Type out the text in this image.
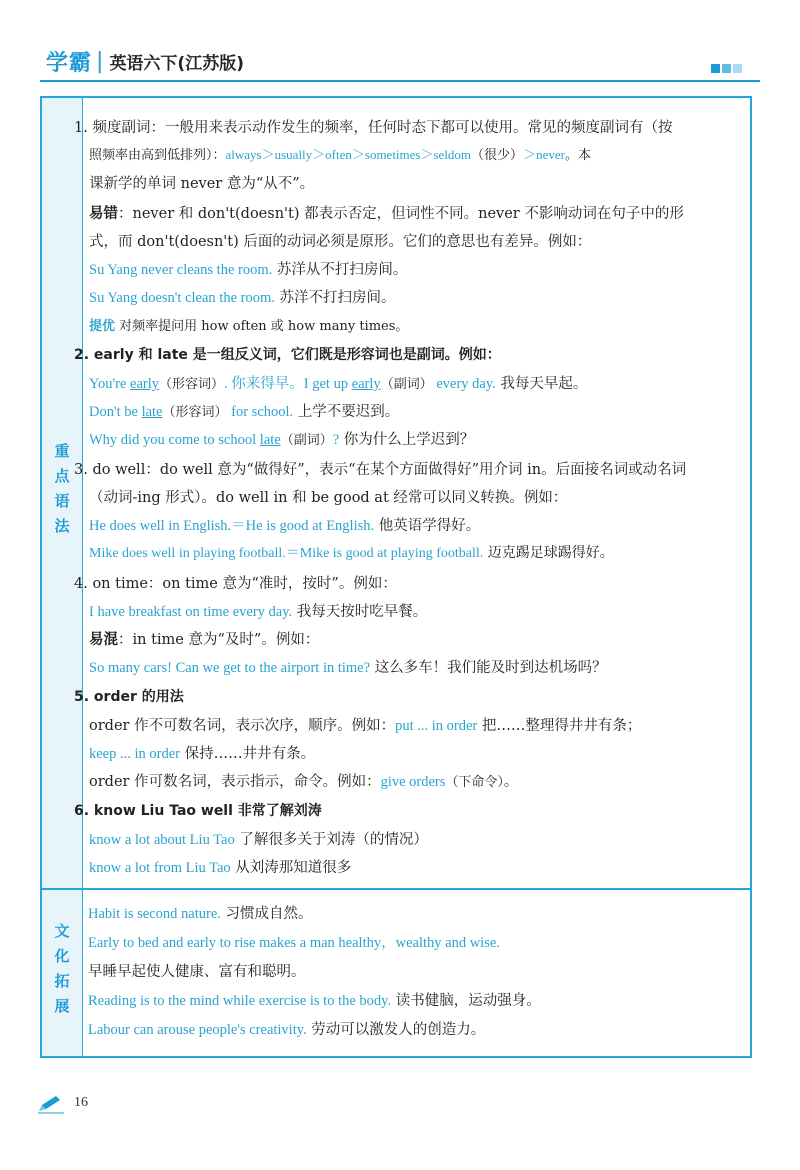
学霸 | 英语六下(江苏版)
重点语法
文化拓展
1. 频度副词：一般用来表示动作发生的频率，任何时态下都可以使用。常见的频度副词有（按
照频率由高到低排列）：always＞usually＞often＞sometimes＞seldom（很少）＞never。本
课新学的单词 never 意为“从不”。
易错：never 和 don't(doesn't) 都表示否定，但词性不同。never 不影响动词在句子中的形
式，而 don't(doesn't) 后面的动词必须是原形。它们的意思也有差异。例如：
Su Yang never cleans the room. 苏洋从不打扫房间。
Su Yang doesn't clean the room. 苏洋不打扫房间。
提优 对频率提问用 how often 或 how many times。
2. early 和 late 是一组反义词，它们既是形容词也是副词。例如：
You're early（形容词）. 你来得早。I get up early（副词） every day. 我每天早起。
Don't be late（形容词） for school. 上学不要迟到。
Why did you come to school late（副词）? 你为什么上学迟到？
3. do well：do well 意为“做得好”，表示“在某个方面做得好”用介词 in。后面接名词或动名词
（动词-ing 形式）。do well in 和 be good at 经常可以同义转换。例如：
He does well in English.＝He is good at English. 他英语学得好。
Mike does well in playing football.＝Mike is good at playing football. 迈克踢足球踢得好。
4. on time：on time 意为“准时，按时”。例如：
I have breakfast on time every day. 我每天按时吃早餐。
易混：in time 意为“及时”。例如：
So many cars! Can we get to the airport in time? 这么多车！我们能及时到达机场吗？
5. order 的用法
order 作不可数名词，表示次序，顺序。例如：put ... in order 把……整理得井井有条；
keep ... in order 保持……井井有条。
order 作可数名词，表示指示，命令。例如：give orders（下命令）。
6. know Liu Tao well 非常了解刘涛
know a lot about Liu Tao 了解很多关于刘涛（的情况）
know a lot from Liu Tao 从刘涛那知道很多
Habit is second nature. 习惯成自然。
Early to bed and early to rise makes a man healthy，wealthy and wise.
早睡早起使人健康、富有和聪明。
Reading is to the mind while exercise is to the body. 读书健脑，运动强身。
Labour can arouse people's creativity. 劳动可以激发人的创造力。
16
